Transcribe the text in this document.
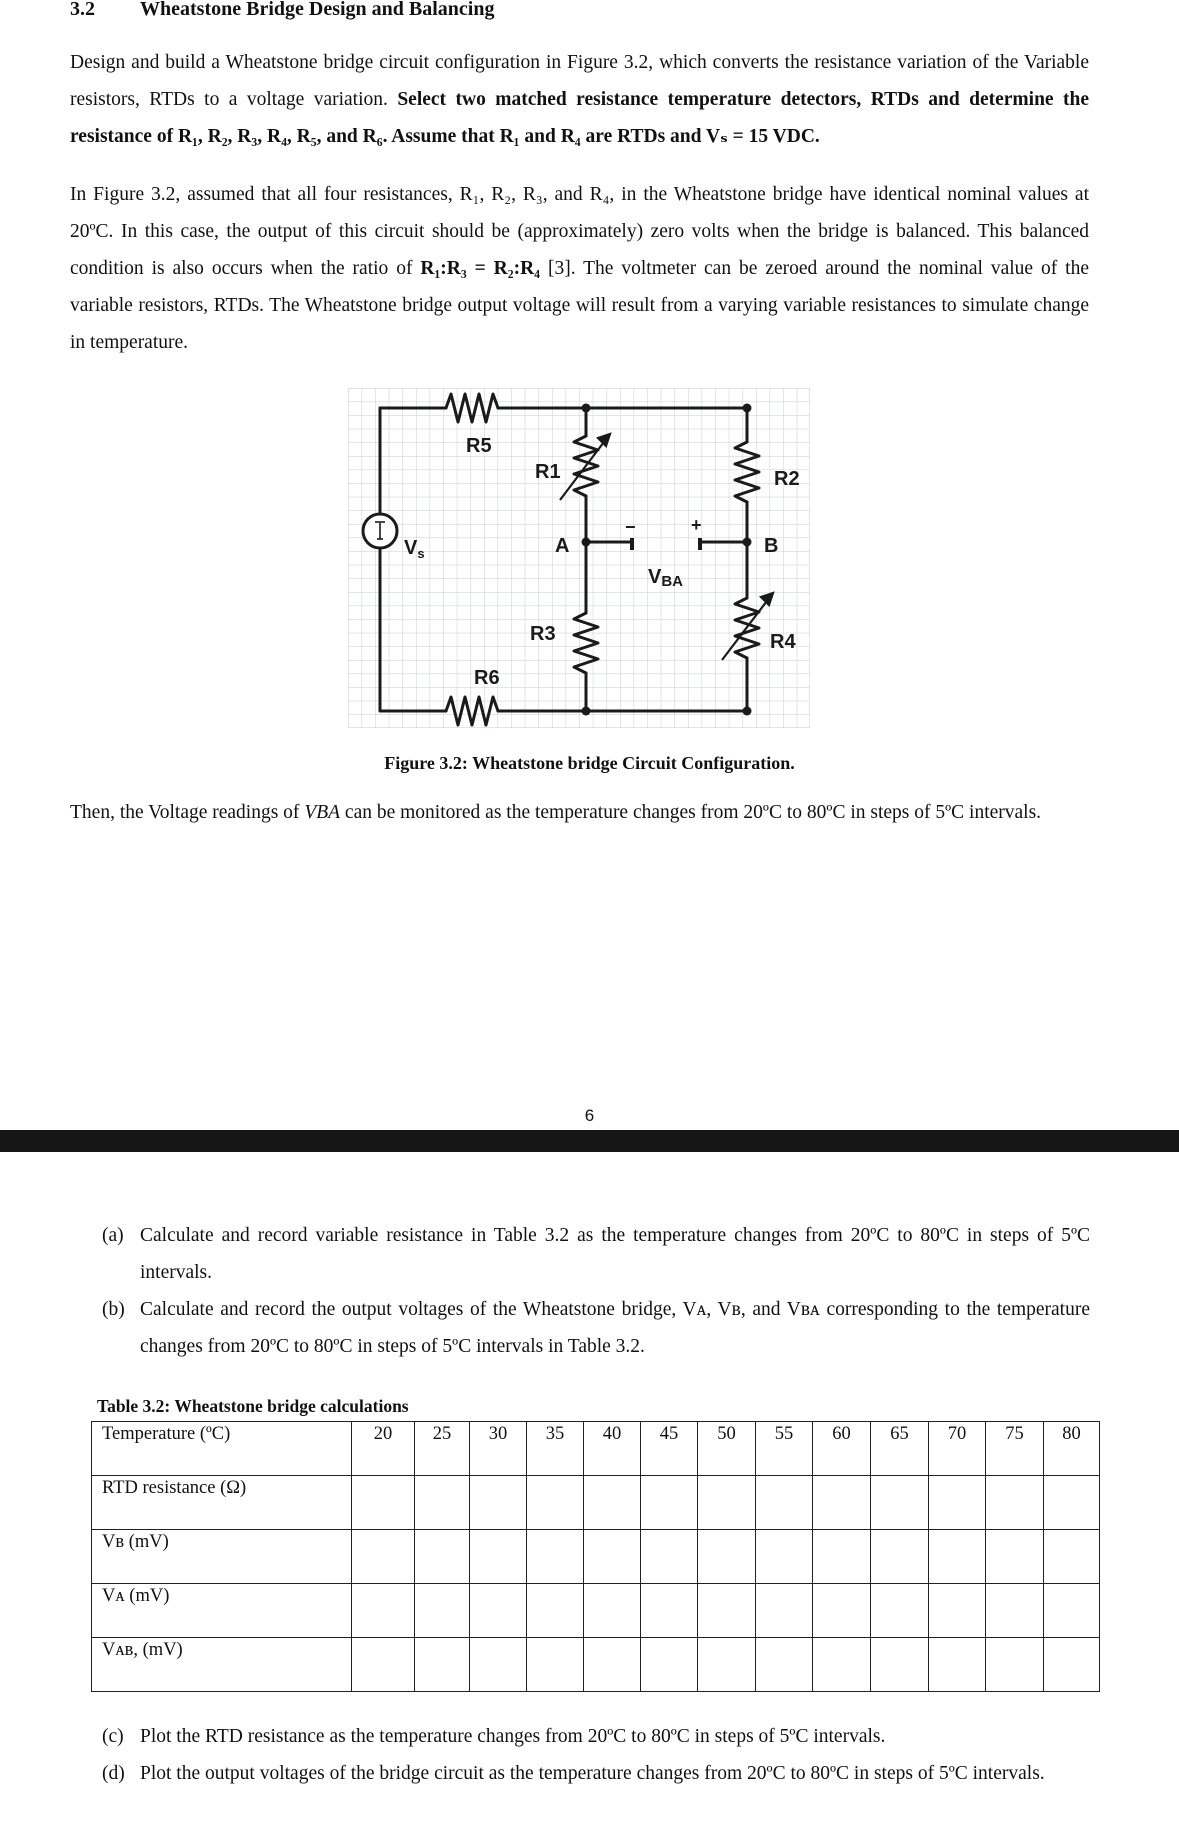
3.2 Wheatstone Bridge Design and Balancing

Design and build a Wheatstone bridge circuit configuration in Figure 3.2, which converts the resistance variation of the Variable resistors, RTDs to a voltage variation. Select two matched resistance temperature detectors, RTDs and determine the resistance of R₁, R₂, R₃, R₄, R₅, and R₆. Assume that R₁ and R₄ are RTDs and Vₛ = 15 VDC.

In Figure 3.2, assumed that all four resistances, R₁, R₂, R₃, and R₄, in the Wheatstone bridge have identical nominal values at 20ºC. In this case, the output of this circuit should be (approximately) zero volts when the bridge is balanced. This balanced condition is also occurs when the ratio of R₁:R₃ = R₂:R₄ [3]. The voltmeter can be zeroed around the nominal value of the variable resistors, RTDs. The Wheatstone bridge output voltage will result from a varying variable resistances to simulate change in temperature.

R5
R1	R2
R3	R4
R6
$V_s$	A	B
VBA
+
−
Figure 3.2: Wheatstone bridge Circuit Configuration.

Then, the Voltage readings of VBA can be monitored as the temperature changes from 20ºC to 80ºC in steps of 5ºC intervals.

6
(a) Calculate and record variable resistance in Table 3.2 as the temperature changes from 20ºC to 80ºC in steps of 5ºC intervals.
(b) Calculate and record the output voltages of the Wheatstone bridge, Vᴀ, Vʙ, and Vʙᴀ corresponding to the temperature changes from 20ºC to 80ºC in steps of 5ºC intervals in Table 3.2.
Table 3.2: Wheatstone bridge calculations
Temperature (ºC)	20	25	30	35	40	45	50	55	60	65	70	75	80
RTD resistance (Ω)													
Vʙ (mV)													
Vᴀ (mV)													
Vᴀʙ, (mV)													
(c) Plot the RTD resistance as the temperature changes from 20ºC to 80ºC in steps of 5ºC intervals.
(d) Plot the output voltages of the bridge circuit as the temperature changes from 20ºC to 80ºC in steps of 5ºC intervals.
